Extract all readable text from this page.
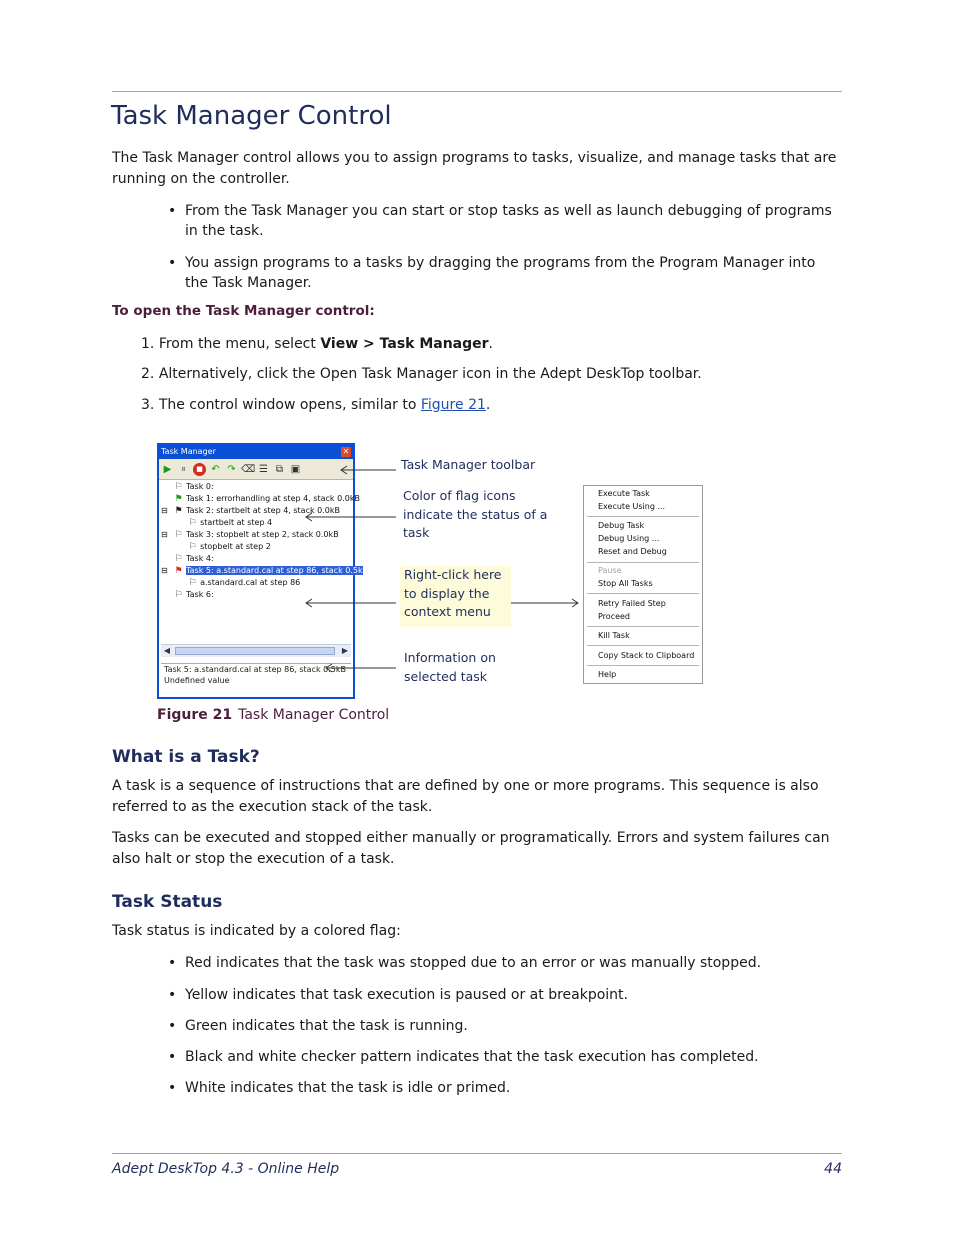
Task Manager Control

The Task Manager control allows you to assign programs to tasks, visualize, and manage tasks that are running on the controller.

• From the Task Manager you can start or stop tasks as well as launch debugging of programs in the task.
• You assign programs to a tasks by dragging the programs from the Program Manager into the Task Manager.
To open the Task Manager control:
1. From the menu, select View > Task Manager.
2. Alternatively, click the Open Task Manager icon in the Adept DeskTop toolbar.
3. The control window opens, similar to Figure 21.
Task Manager	✕
▶ ⏸	■ ↶ ↷ ⌫ ☰ ⧉ ▣
⚐ Task 0:
⚑ Task 1: errorhandling at step 4, stack 0.0kB
⊟ ⚑ Task 2: startbelt at step 4, stack 0.0kB
⚐ startbelt at step 4
⊟ ⚐ Task 3: stopbelt at step 2, stack 0.0kB
⚐ stopbelt at step 2
⚐ Task 4:
⊟ ⚑ Task 5: a.standard.cal at step 86, stack 0.5k
⚐ a.standard.cal at step 86
⚐ Task 6:
◀	▶
Task 5: a.standard.cal at step 86, stack 0.5kB
Undefined value
Task Manager toolbar
Color of flag icons indicate the status of a task
Right-click here to display the context menu
Information on selected task
Execute Task
Execute Using ...
Debug Task
Debug Using ...
Reset and Debug
Pause
Stop All Tasks
Retry Failed Step
Proceed
Kill Task
Copy Stack to Clipboard
Help
Figure 21 Task Manager Control
What is a Task?

A task is a sequence of instructions that are defined by one or more programs. This sequence is also referred to as the execution stack of the task.

Tasks can be executed and stopped either manually or programatically. Errors and system failures can also halt or stop the execution of a task.

Task Status

Task status is indicated by a colored flag:

• Red indicates that the task was stopped due to an error or was manually stopped.
• Yellow indicates that task execution is paused or at breakpoint.
• Green indicates that the task is running.
• Black and white checker pattern indicates that the task execution has completed.
• White indicates that the task is idle or primed.
Adept DeskTop 4.3 - Online Help	44
